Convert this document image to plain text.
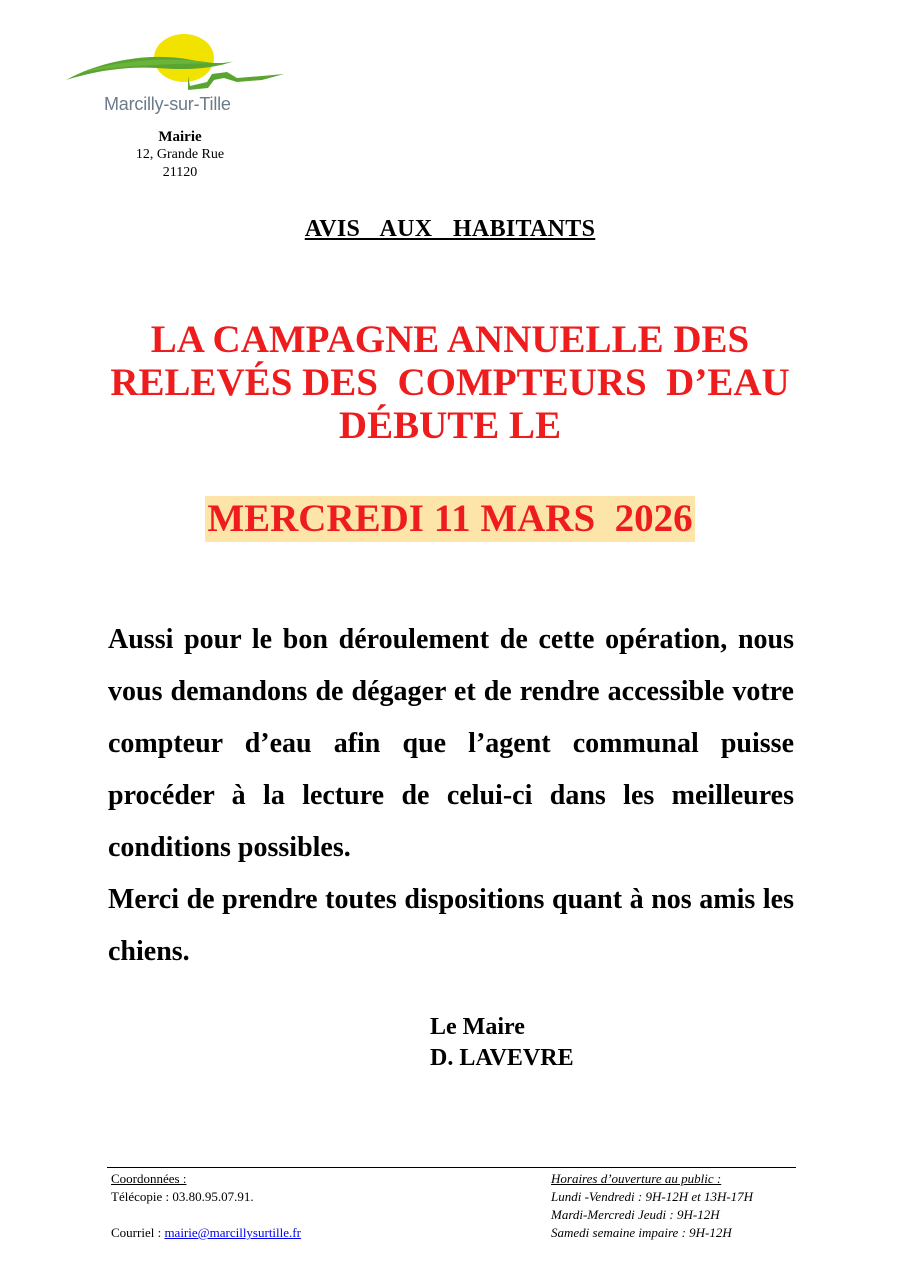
Marcilly-sur-Tille
Mairie
12, Grande Rue
21120
AVIS  AUX  HABITANTS
LA CAMPAGNE ANNUELLE DES
RELEVÉS DES  COMPTEURS  D’EAU
DÉBUTE LE
MERCREDI 11 MARS  2026

Aussi pour le bon déroulement de cette opération, nous vous demandons de dégager et de rendre accessible votre compteur d’eau afin que l’agent communal puisse procéder à la lecture de celui-ci dans les meilleures conditions possibles.

Merci de prendre toutes dispositions quant à nos amis les chiens.

Le Maire
D. LAVEVRE
Coordonnées :
Télécopie : 03.80.95.07.91.
Courriel : mairie@marcillysurtille.fr
Horaires d’ouverture au public :
Lundi -Vendredi : 9H-12H et 13H-17H
Mardi-Mercredi Jeudi : 9H-12H
Samedi semaine impaire : 9H-12H
